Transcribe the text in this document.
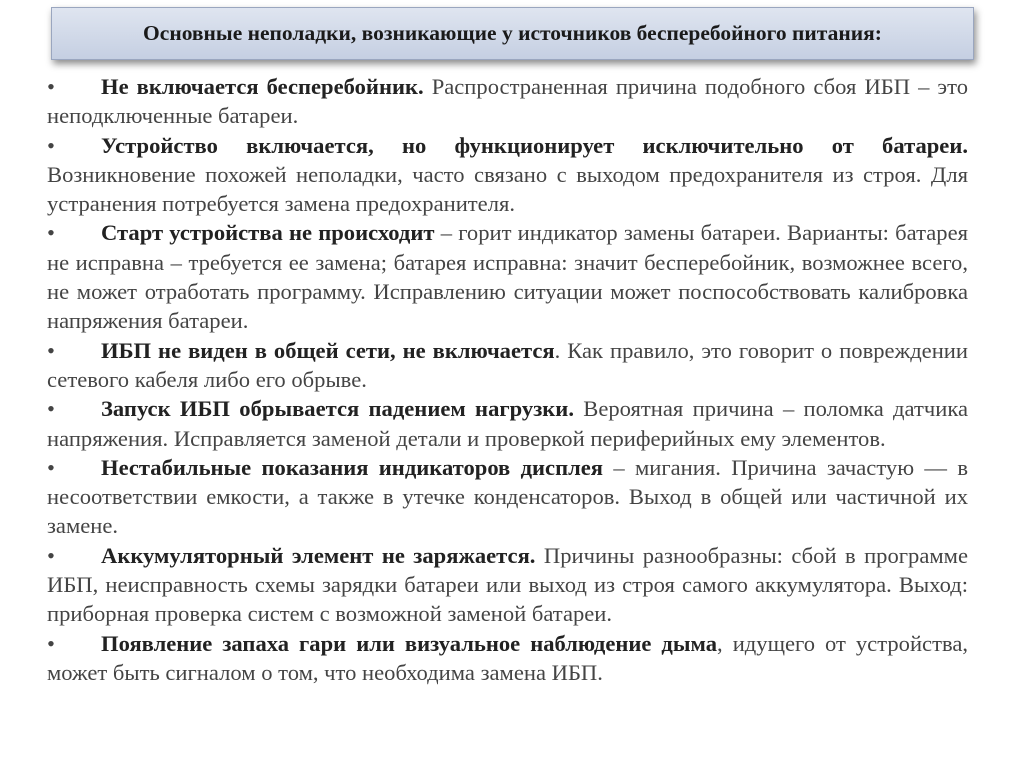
Основные неполадки, возникающие у источников бесперебойного питания:

• Не включается бесперебойник. Распространенная причина подобного сбоя ИБП – это неподключенные батареи.

• Устройство включается, но функционирует исключительно от батареи. Возникновение похожей неполадки, часто связано с выходом предохранителя из строя. Для устранения потребуется замена предохранителя.

• Старт устройства не происходит – горит индикатор замены батареи. Варианты: батарея не исправна – требуется ее замена; батарея исправна: значит бесперебойник, возможнее всего, не может отработать программу. Исправлению ситуации может поспособствовать калибровка напряжения батареи.

• ИБП не виден в общей сети, не включается. Как правило, это говорит о повреждении сетевого кабеля либо его обрыве.

• Запуск ИБП обрывается падением нагрузки. Вероятная причина – поломка датчика напряжения. Исправляется заменой детали и проверкой периферийных ему элементов.

• Нестабильные показания индикаторов дисплея – мигания. Причина зачастую — в несоответствии емкости, а также в утечке конденсаторов. Выход в общей или частичной их замене.

• Аккумуляторный элемент не заряжается. Причины разнообразны: сбой в программе ИБП, неисправность схемы зарядки батареи или выход из строя самого аккумулятора. Выход: приборная проверка систем с возможной заменой батареи.

• Появление запаха гари или визуальное наблюдение дыма, идущего от устройства, может быть сигналом о том, что необходима замена ИБП.
